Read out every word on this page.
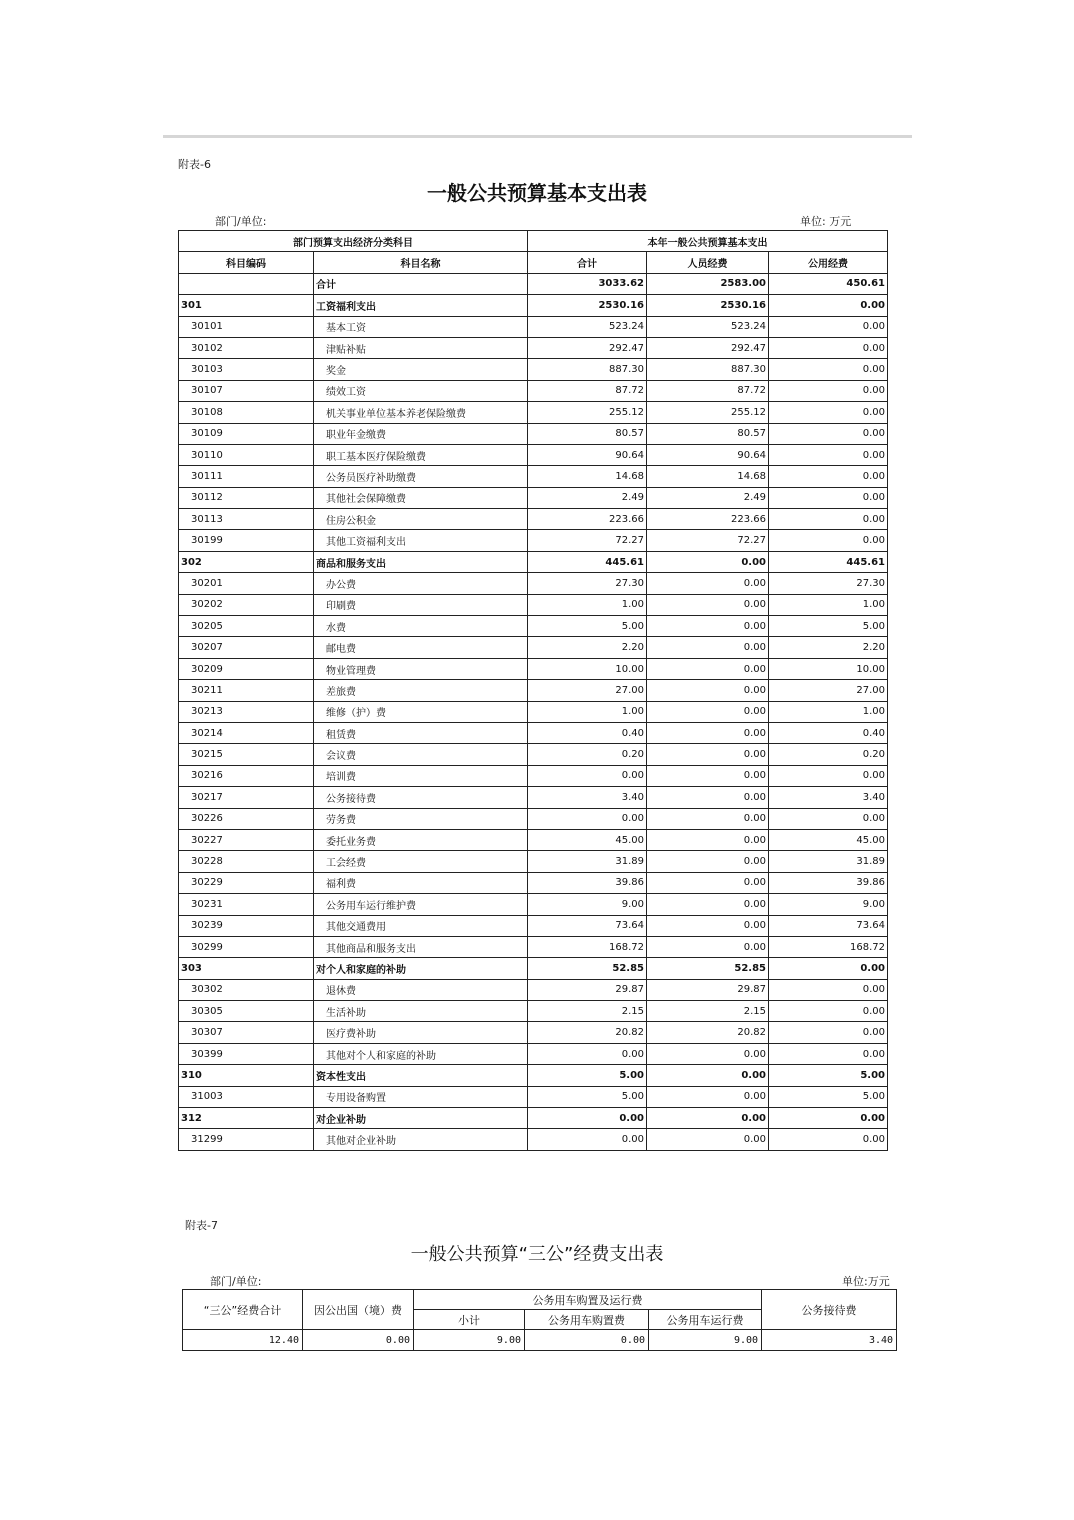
附表-6
一般公共预算基本支出表
部门/单位:	单位: 万元
部门预算支出经济分类科目		本年一般公共预算基本支出		
科目编码	科目名称	合计	人员经费	公用经费
	合计	3033.62	2583.00	450.61
301	工资福利支出	2530.16	2530.16	0.00
30101	基本工资	523.24	523.24	0.00
30102	津贴补贴	292.47	292.47	0.00
30103	奖金	887.30	887.30	0.00
30107	绩效工资	87.72	87.72	0.00
30108	机关事业单位基本养老保险缴费	255.12	255.12	0.00
30109	职业年金缴费	80.57	80.57	0.00
30110	职工基本医疗保险缴费	90.64	90.64	0.00
30111	公务员医疗补助缴费	14.68	14.68	0.00
30112	其他社会保障缴费	2.49	2.49	0.00
30113	住房公积金	223.66	223.66	0.00
30199	其他工资福利支出	72.27	72.27	0.00
302	商品和服务支出	445.61	0.00	445.61
30201	办公费	27.30	0.00	27.30
30202	印刷费	1.00	0.00	1.00
30205	水费	5.00	0.00	5.00
30207	邮电费	2.20	0.00	2.20
30209	物业管理费	10.00	0.00	10.00
30211	差旅费	27.00	0.00	27.00
30213	维修（护）费	1.00	0.00	1.00
30214	租赁费	0.40	0.00	0.40
30215	会议费	0.20	0.00	0.20
30216	培训费	0.00	0.00	0.00
30217	公务接待费	3.40	0.00	3.40
30226	劳务费	0.00	0.00	0.00
30227	委托业务费	45.00	0.00	45.00
30228	工会经费	31.89	0.00	31.89
30229	福利费	39.86	0.00	39.86
30231	公务用车运行维护费	9.00	0.00	9.00
30239	其他交通费用	73.64	0.00	73.64
30299	其他商品和服务支出	168.72	0.00	168.72
303	对个人和家庭的补助	52.85	52.85	0.00
30302	退休费	29.87	29.87	0.00
30305	生活补助	2.15	2.15	0.00
30307	医疗费补助	20.82	20.82	0.00
30399	其他对个人和家庭的补助	0.00	0.00	0.00
310	资本性支出	5.00	0.00	5.00
31003	专用设备购置	5.00	0.00	5.00
312	对企业补助	0.00	0.00	0.00
31299	其他对企业补助	0.00	0.00	0.00
附表-7
一般公共预算“三公”经费支出表
部门/单位:	单位:万元
“三公”经费合计	因公出国（境）费	公务用车购置及运行费			公务接待费
		小计	公务用车购置费	公务用车运行费	
12.40	0.00	9.00	0.00	9.00	3.40
